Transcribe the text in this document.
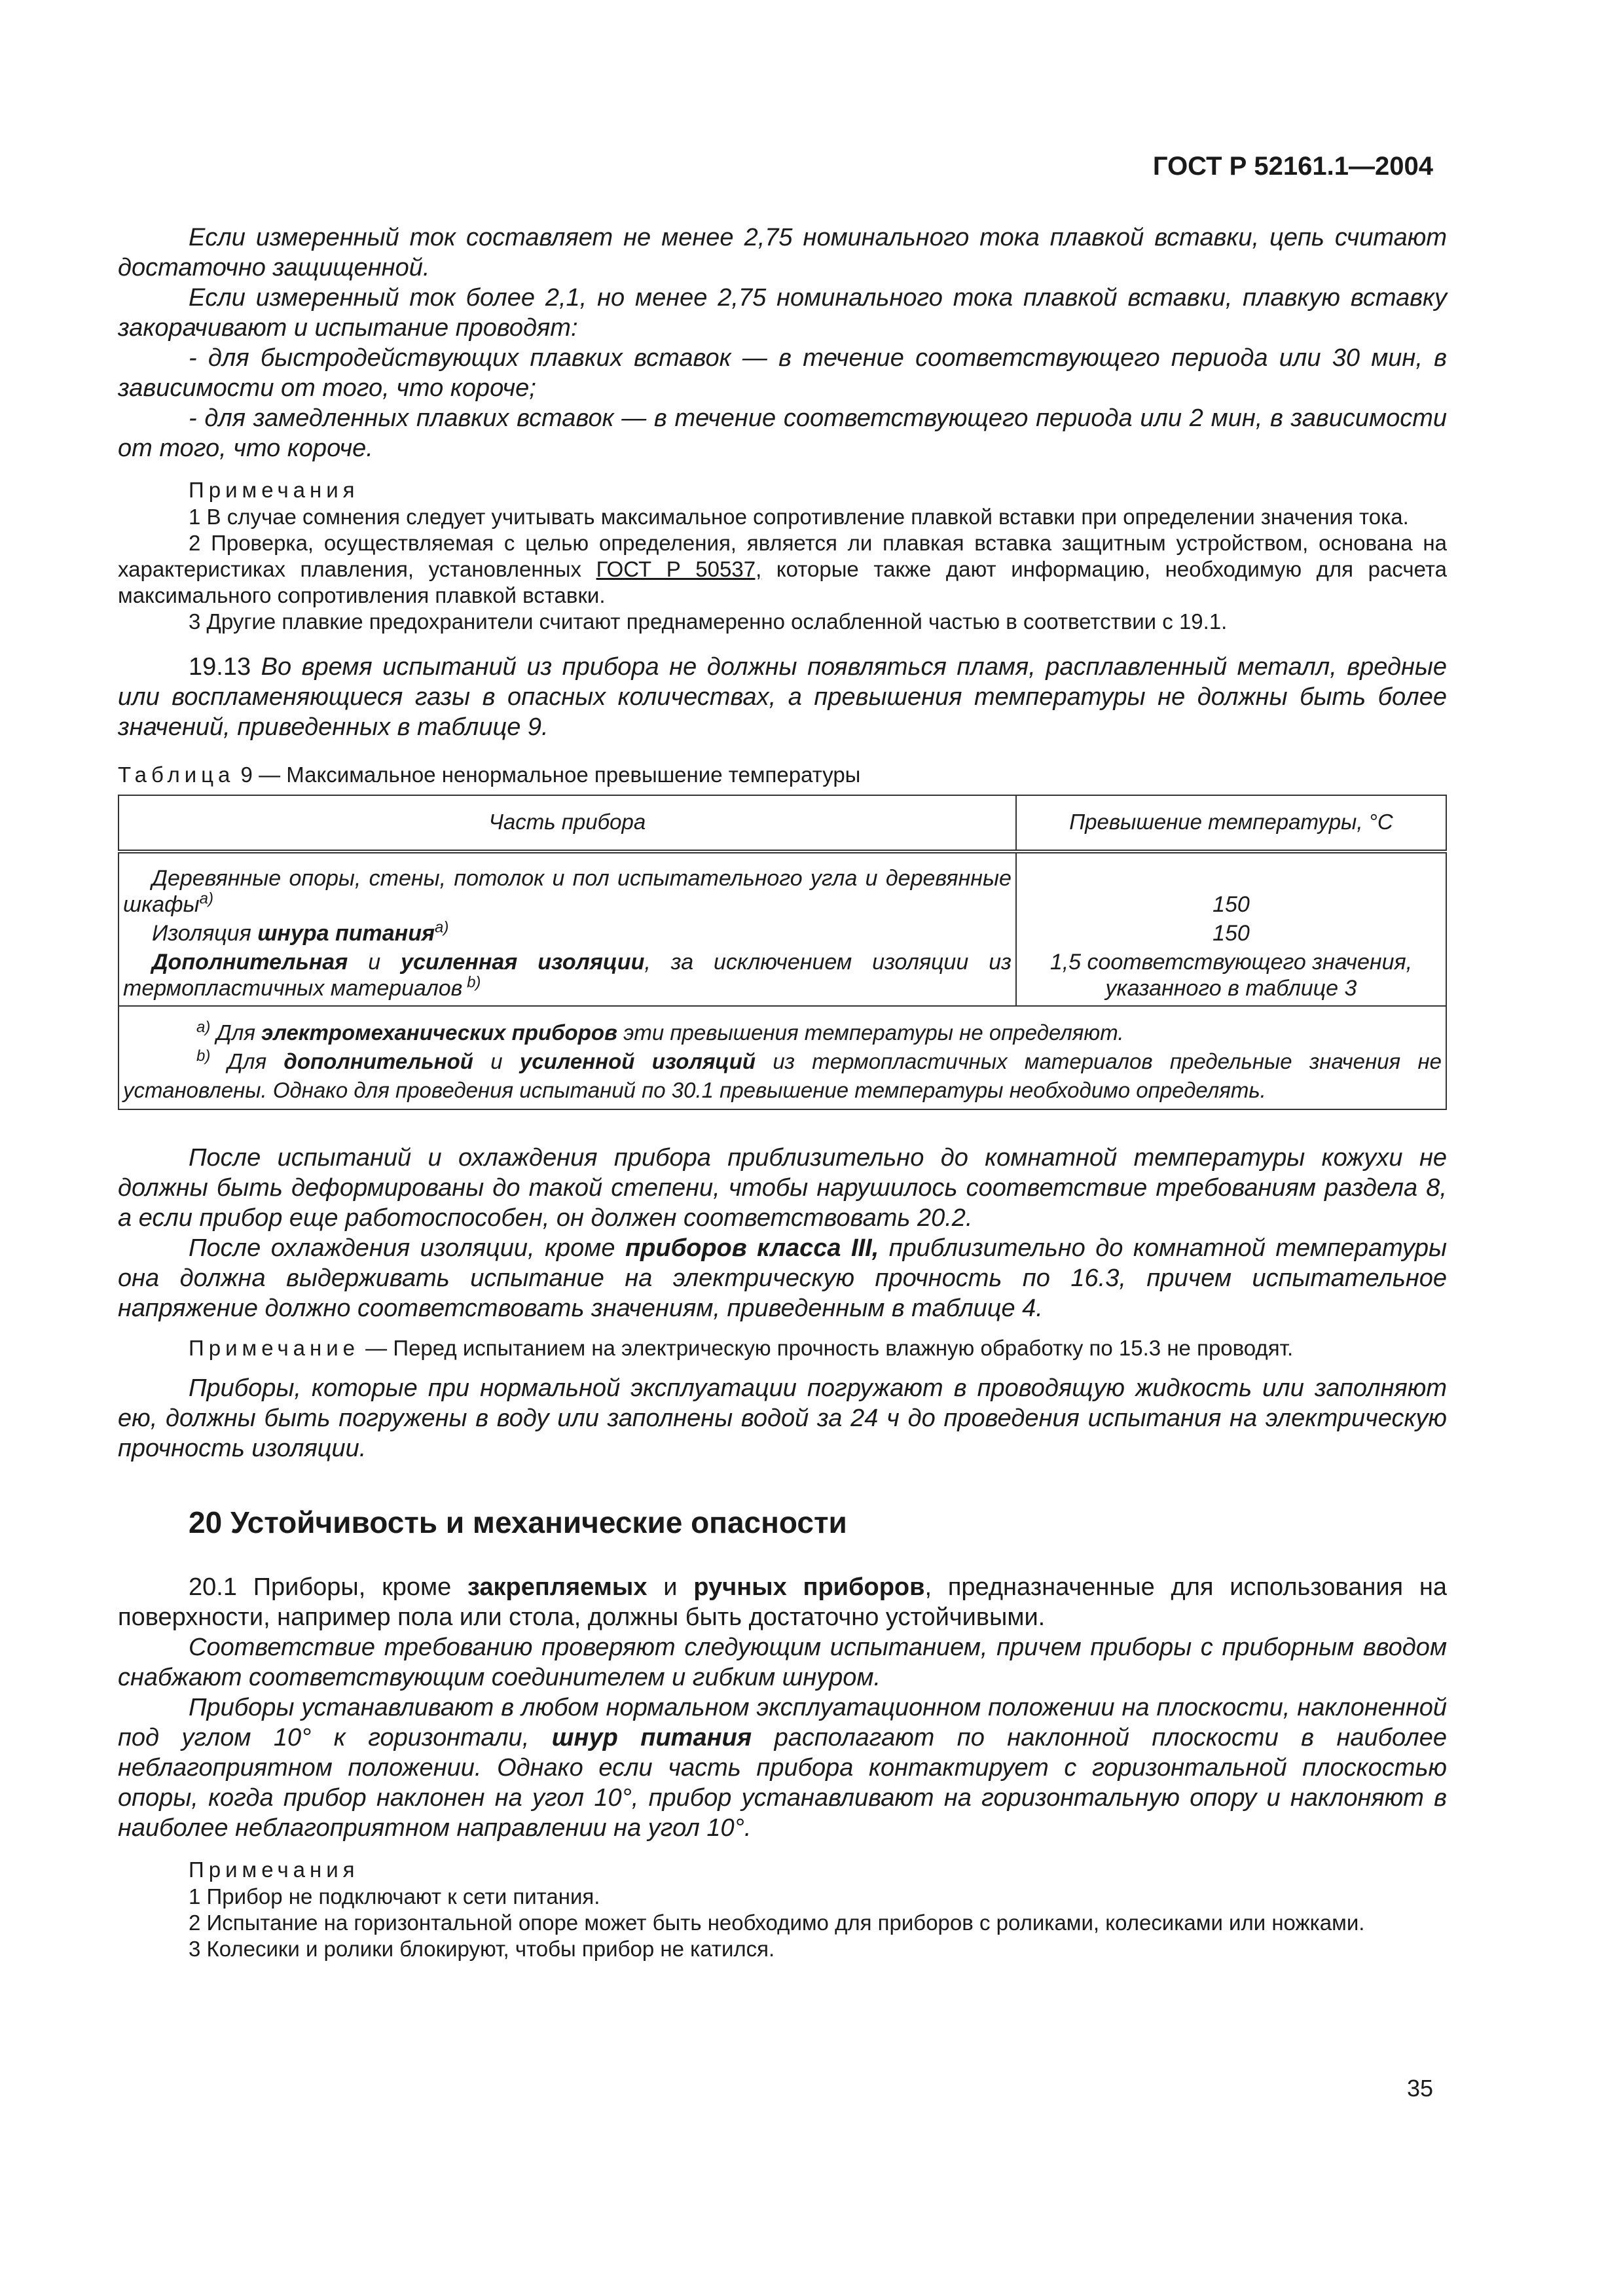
ГОСТ Р 52161.1—2004

Если измеренный ток составляет не менее 2,75 номинального тока плавкой вставки, цепь считают достаточно защищенной.

Если измеренный ток более 2,1, но менее 2,75 номинального тока плавкой вставки, плавкую вставку закорачивают и испытание проводят:

- для быстродействующих плавких вставок — в течение соответствующего периода или 30 мин, в зависимости от того, что короче;

- для замедленных плавких вставок — в течение соответствующего периода или 2 мин, в зависимости от того, что короче.

Примечания

1 В случае сомнения следует учитывать максимальное сопротивление плавкой вставки при определении значения тока.

2 Проверка, осуществляемая с целью определения, является ли плавкая вставка защитным устройством, основана на характеристиках плавления, установленных ГОСТ Р 50537, которые также дают информацию, необходимую для расчета максимального сопротивления плавкой вставки.

3 Другие плавкие предохранители считают преднамеренно ослабленной частью в соответствии с 19.1.

19.13 Во время испытаний из прибора не должны появляться пламя, расплавленный металл, вредные или воспламеняющиеся газы в опасных количествах, а превышения температуры не должны быть более значений, приведенных в таблице 9.

Таблица 9 — Максимальное ненормальное превышение температуры
Часть прибора	Превышение температуры, °С
Деревянные опоры, стены, потолок и пол испытательного угла и деревянные шкафы$^{a)}$	150
Изоляция шнура питания$^{a)}$	150
Дополнительная и усиленная изоляции, за исключением изоляции из термопластичных материалов $^{b)}$	1,5 соответствующего значения,
указанного в таблице 3

$^{a)}$ Для электромеханических приборов эти превышения температуры не определяют.

$^{b)}$ Для дополнительной и усиленной изоляций из термопластичных материалов предельные значения не установлены. Однако для проведения испытаний по 30.1 превышение температуры необходимо определять.	

После испытаний и охлаждения прибора приблизительно до комнатной температуры кожухи не должны быть деформированы до такой степени, чтобы нарушилось соответствие требованиям раздела 8, а если прибор еще работоспособен, он должен соответствовать 20.2.

После охлаждения изоляции, кроме приборов класса III, приблизительно до комнатной температуры она должна выдерживать испытание на электрическую прочность по 16.3, причем испытательное напряжение должно соответствовать значениям, приведенным в таблице 4.

Примечание — Перед испытанием на электрическую прочность влажную обработку по 15.3 не проводят.

Приборы, которые при нормальной эксплуатации погружают в проводящую жидкость или заполняют ею, должны быть погружены в воду или заполнены водой за 24 ч до проведения испытания на электрическую прочность изоляции.

20 Устойчивость и механические опасности

20.1 Приборы, кроме закрепляемых и ручных приборов, предназначенные для использования на поверхности, например пола или стола, должны быть достаточно устойчивыми.

Соответствие требованию проверяют следующим испытанием, причем приборы с приборным вводом снабжают соответствующим соединителем и гибким шнуром.

Приборы устанавливают в любом нормальном эксплуатационном положении на плоскости, наклоненной под углом 10° к горизонтали, шнур питания располагают по наклонной плоскости в наиболее неблагоприятном положении. Однако если часть прибора контактирует с горизонтальной плоскостью опоры, когда прибор наклонен на угол 10°, прибор устанавливают на горизонтальную опору и наклоняют в наиболее неблагоприятном направлении на угол 10°.

Примечания

1 Прибор не подключают к сети питания.

2 Испытание на горизонтальной опоре может быть необходимо для приборов с роликами, колесиками или ножками.

3 Колесики и ролики блокируют, чтобы прибор не катился.

35
